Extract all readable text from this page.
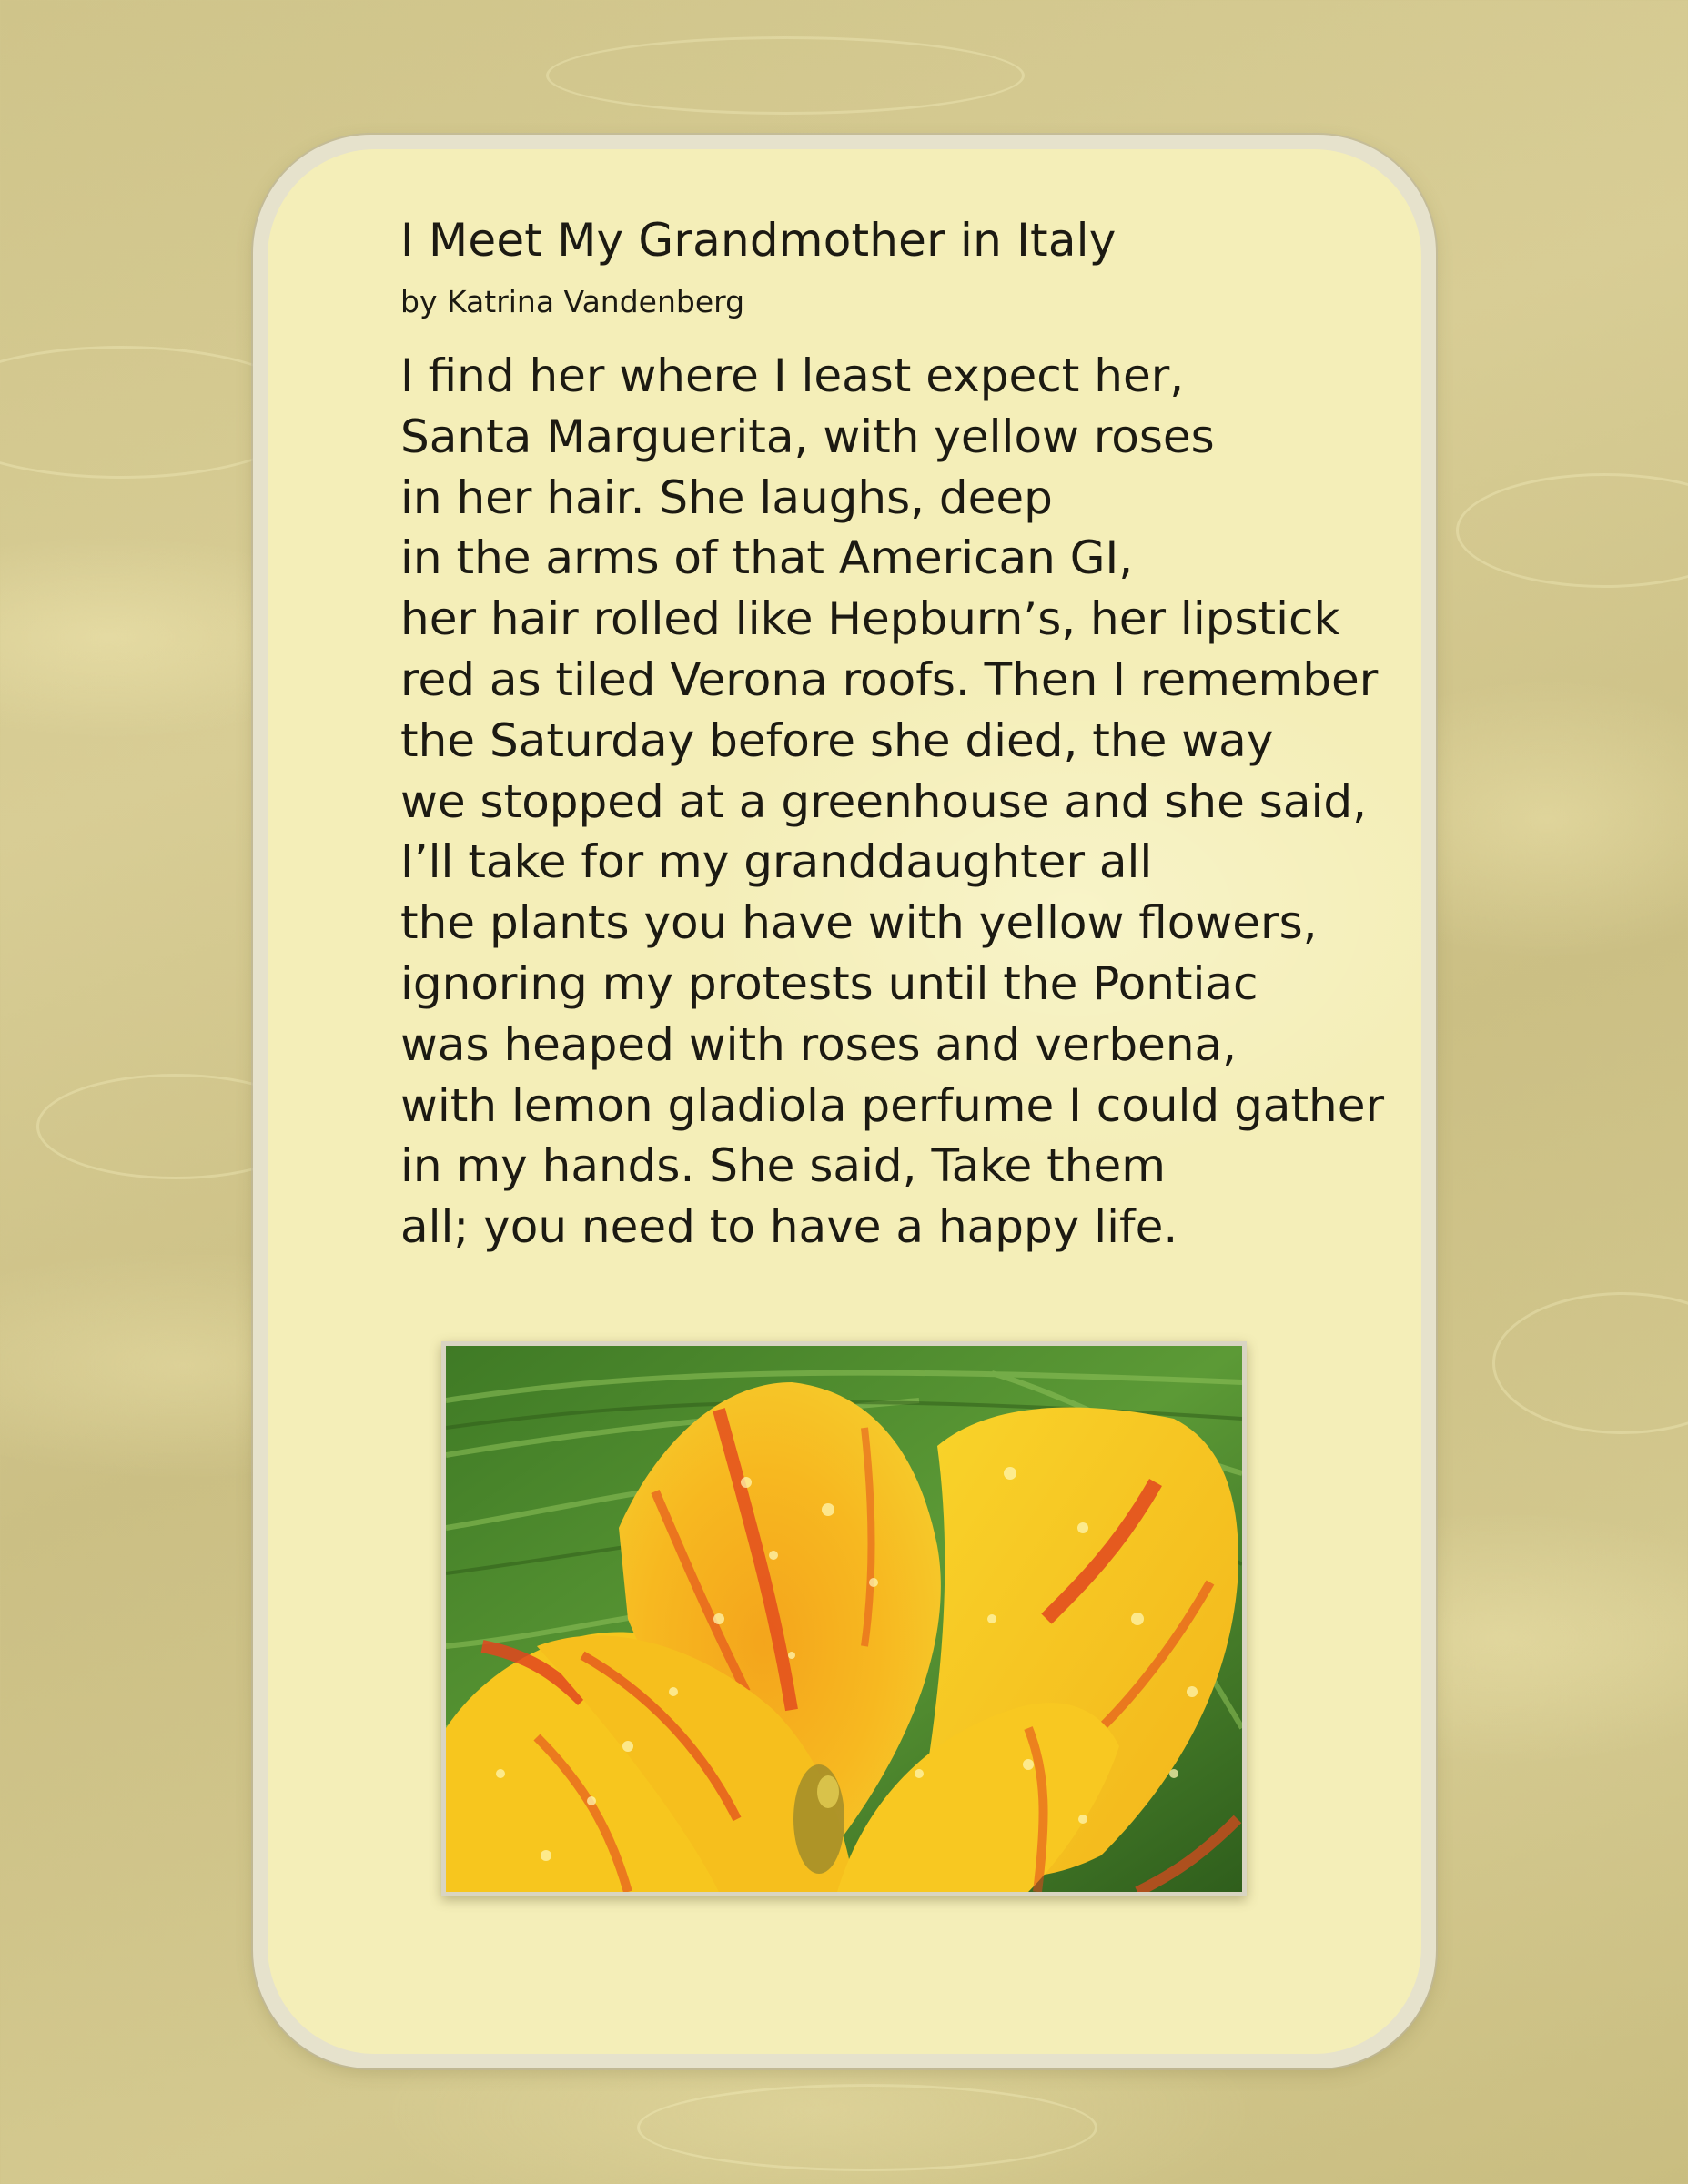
I Meet My Grandmother in Italy

by Katrina Vandenberg

I find her where I least expect her,
Santa Marguerita, with yellow roses
in her hair. She laughs, deep
in the arms of that American GI,
her hair rolled like Hepburn’s, her lipstick
red as tiled Verona roofs. Then I remember
the Saturday before she died, the way
we stopped at a greenhouse and she said,
I’ll take for my granddaughter all
the plants you have with yellow flowers,
ignoring my protests until the Pontiac
was heaped with roses and verbena,
with lemon gladiola perfume I could gather
in my hands. She said, Take them
all; you need to have a happy life.
